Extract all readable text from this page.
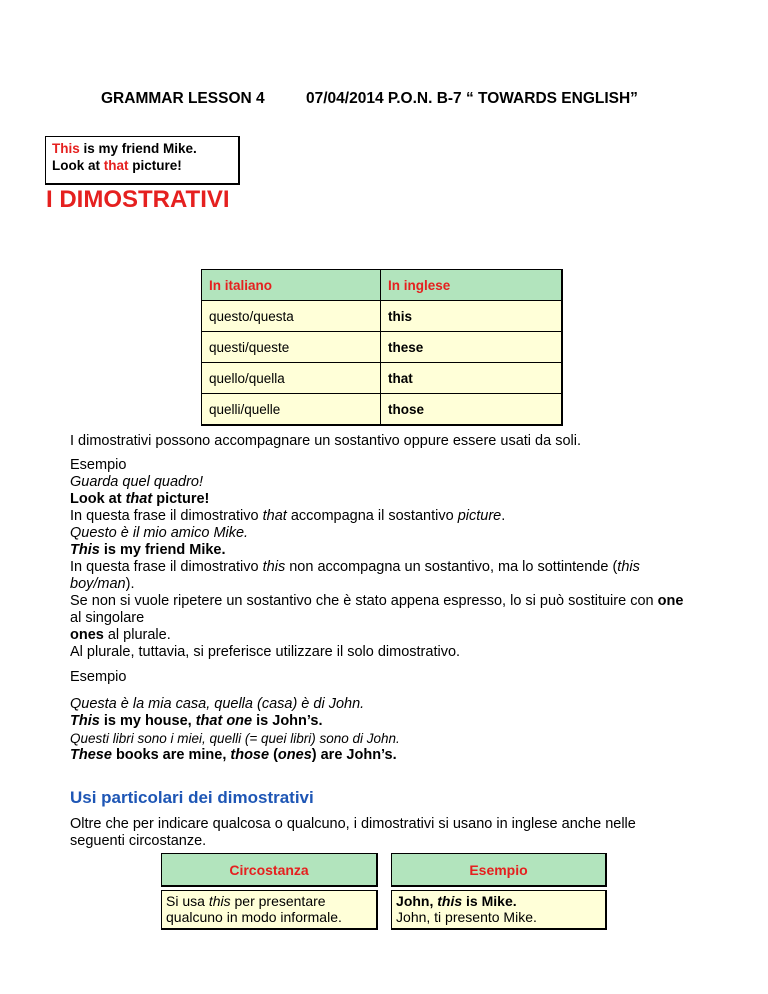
GRAMMAR LESSON 4	07/04/2014 P.O.N. B-7 “ TOWARDS ENGLISH”
This is my friend Mike.
Look at that picture!
I DIMOSTRATIVI
In italiano	In inglese
questo/questa	this
questi/queste	these
quello/quella	that
quelli/quelle	those
I dimostrativi possono accompagnare un sostantivo oppure essere usati da soli.
Esempio
Guarda quel quadro!
Look at that picture!
In questa frase il dimostrativo that accompagna il sostantivo picture.
Questo è il mio amico Mike.
This is my friend Mike.
In questa frase il dimostrativo this non accompagna un sostantivo, ma lo sottintende (this boy/man).
Se non si vuole ripetere un sostantivo che è stato appena espresso, lo si può sostituire con one al singolare
ones al plurale.
Al plurale, tuttavia, si preferisce utilizzare il solo dimostrativo.
Esempio
Questa è la mia casa, quella (casa) è di John.
This is my house, that one is John’s.
Questi libri sono i miei, quelli (= quei libri) sono di John.
These books are mine, those (ones) are John’s.
Usi particolari dei dimostrativi
Oltre che per indicare qualcosa o qualcuno, i dimostrativi si usano in inglese anche nelle seguenti circostanze.
Circostanza		Esempio

Si usa this per presentare qualcuno in modo informale.		John, this is Mike.
John, ti presento Mike.
